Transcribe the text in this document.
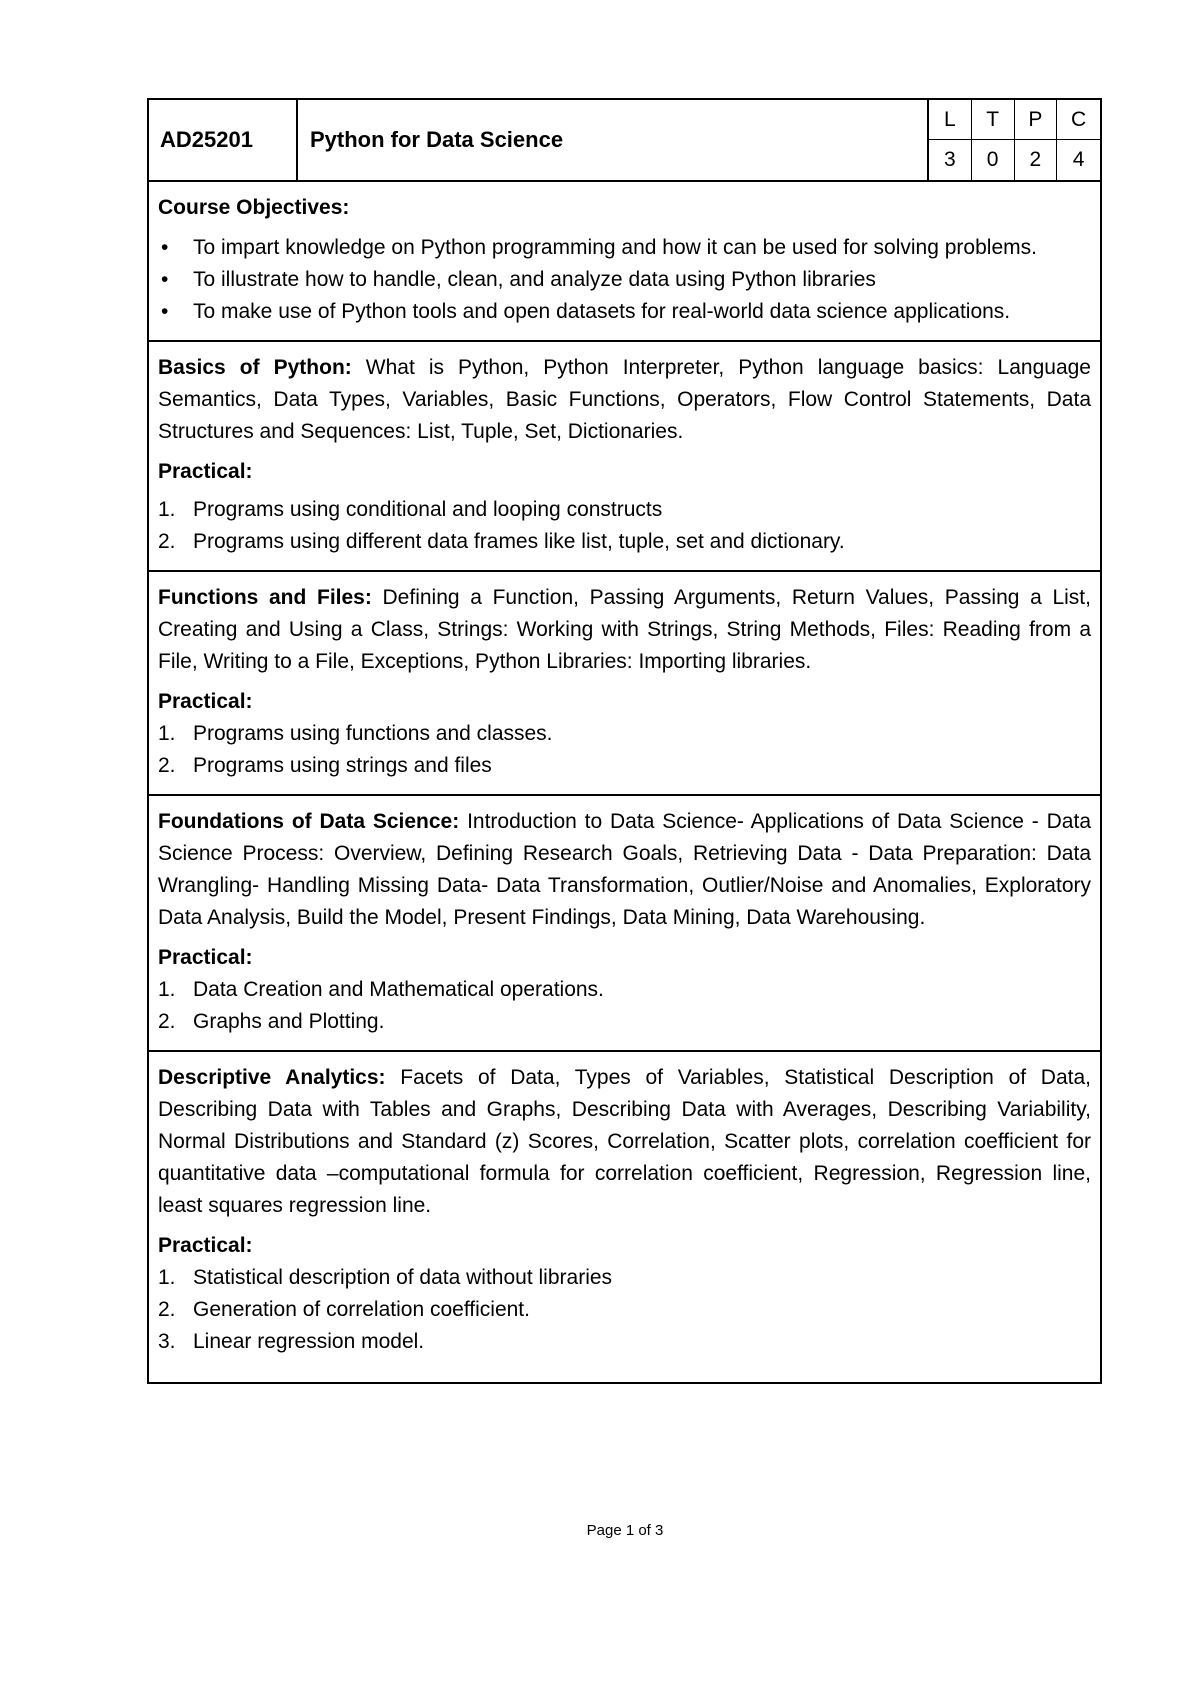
AD25201	Python for Data Science
L	T	P	C
3	0	2	4
Course Objectives:
• To impart knowledge on Python programming and how it can be used for solving problems.
• To illustrate how to handle, clean, and analyze data using Python libraries
• To make use of Python tools and open datasets for real-world data science applications.
Basics of Python: What is Python, Python Interpreter, Python language basics: Language Semantics, Data Types, Variables, Basic Functions, Operators, Flow Control Statements, Data Structures and Sequences: List, Tuple, Set, Dictionaries.
Practical:
1. Programs using conditional and looping constructs
2. Programs using different data frames like list, tuple, set and dictionary.
Functions and Files: Defining a Function, Passing Arguments, Return Values, Passing a List, Creating and Using a Class, Strings: Working with Strings, String Methods, Files: Reading from a File, Writing to a File, Exceptions, Python Libraries: Importing libraries.
Practical:
1. Programs using functions and classes.
2. Programs using strings and files
Foundations of Data Science: Introduction to Data Science- Applications of Data Science - Data Science Process: Overview, Defining Research Goals, Retrieving Data - Data Preparation: Data Wrangling- Handling Missing Data- Data Transformation, Outlier/Noise and Anomalies, Exploratory Data Analysis, Build the Model, Present Findings, Data Mining, Data Warehousing.
Practical:
1. Data Creation and Mathematical operations.
2. Graphs and Plotting.
Descriptive Analytics: Facets of Data, Types of Variables, Statistical Description of Data, Describing Data with Tables and Graphs, Describing Data with Averages, Describing Variability, Normal Distributions and Standard (z) Scores, Correlation, Scatter plots, correlation coefficient for quantitative data –computational formula for correlation coefficient, Regression, Regression line, least squares regression line.
Practical:
1. Statistical description of data without libraries
2. Generation of correlation coefficient.
3. Linear regression model.
Page 1 of 3
